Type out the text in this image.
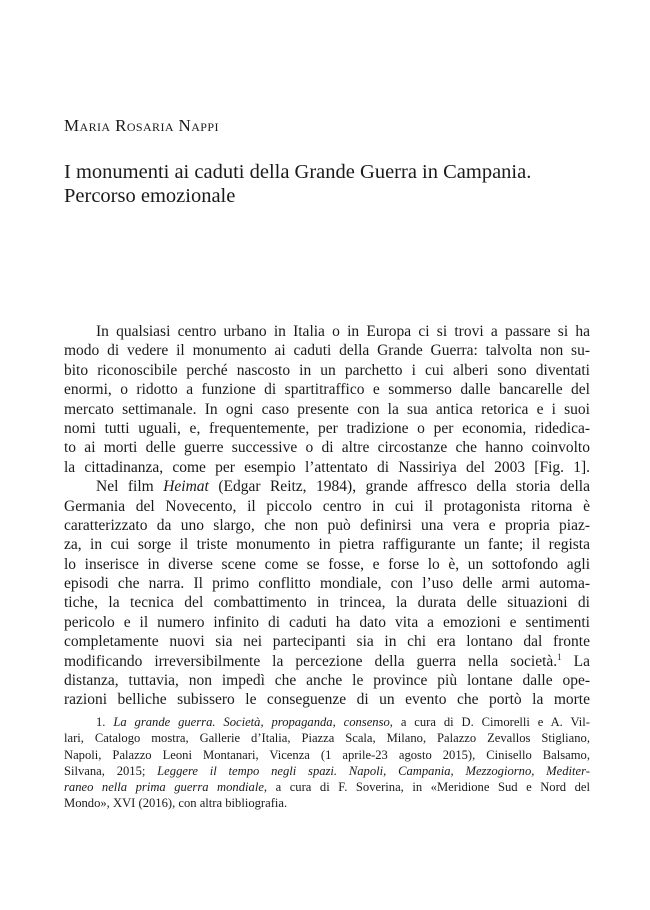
Maria Rosaria Nappi
I monumenti ai caduti della Grande Guerra in Campania.
Percorso emozionale
In qualsiasi centro urbano in Italia o in Europa ci si trovi a passare si ha
modo di vedere il monumento ai caduti della Grande Guerra: talvolta non su-
bito riconoscibile perché nascosto in un parchetto i cui alberi sono diventati
enormi, o ridotto a funzione di spartitraffico e sommerso dalle bancarelle del
mercato settimanale. In ogni caso presente con la sua antica retorica e i suoi
nomi tutti uguali, e, frequentemente, per tradizione o per economia, ridedica-
to ai morti delle guerre successive o di altre circostanze che hanno coinvolto
la cittadinanza, come per esempio l’attentato di Nassiriya del 2003 [Fig. 1].
Nel film Heimat (Edgar Reitz, 1984), grande affresco della storia della
Germania del Novecento, il piccolo centro in cui il protagonista ritorna è
caratterizzato da uno slargo, che non può definirsi una vera e propria piaz-
za, in cui sorge il triste monumento in pietra raffigurante un fante; il regista
lo inserisce in diverse scene come se fosse, e forse lo è, un sottofondo agli
episodi che narra. Il primo conflitto mondiale, con l’uso delle armi automa-
tiche, la tecnica del combattimento in trincea, la durata delle situazioni di
pericolo e il numero infinito di caduti ha dato vita a emozioni e sentimenti
completamente nuovi sia nei partecipanti sia in chi era lontano dal fronte
modificando irreversibilmente la percezione della guerra nella società.$^1$ La
distanza, tuttavia, non impedì che anche le province più lontane dalle ope-
razioni belliche subissero le conseguenze di un evento che portò la morte
1. La grande guerra. Società, propaganda, consenso, a cura di D. Cimorelli e A. Vil-
lari, Catalogo mostra, Gallerie d’Italia, Piazza Scala, Milano, Palazzo Zevallos Stigliano,
Napoli, Palazzo Leoni Montanari, Vicenza (1 aprile-23 agosto 2015), Cinisello Balsamo,
Silvana, 2015; Leggere il tempo negli spazi. Napoli, Campania, Mezzogiorno, Mediter-
raneo nella prima guerra mondiale, a cura di F. Soverina, in «Meridione Sud e Nord del
Mondo», XVI (2016), con altra bibliografia.
